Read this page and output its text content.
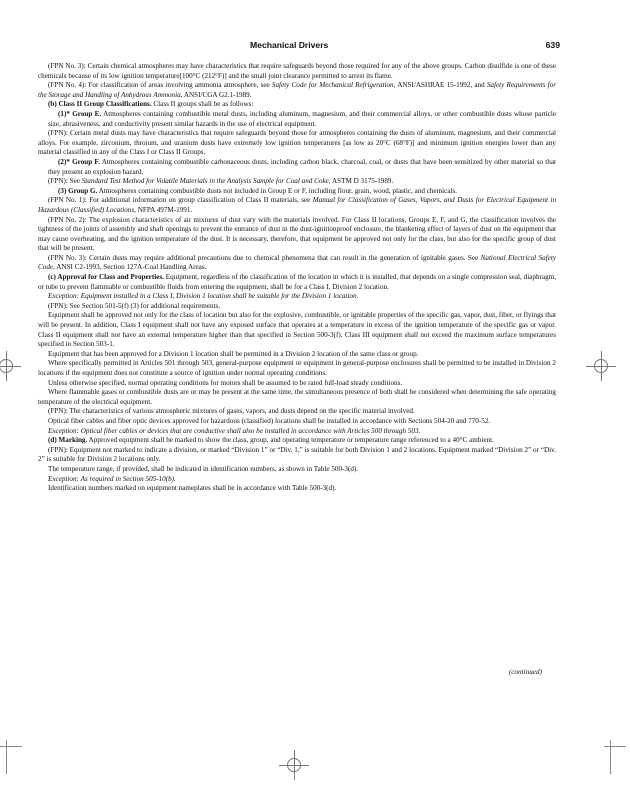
Mechanical Drivers	639

(FPN No. 3): Certain chemical atmospheres may have characteristics that require safeguards beyond those required for any of the above groups. Carbon disulfide is one of these chemicals because of its low ignition temperature[100°C (212°F)] and the small joint clearance permitted to arrest its flame.

(FPN No. 4): For classification of areas involving ammonia atmosphere, see Safety Code for Mechanical Refrigeration, ANSI/ASHRAE 15-1992, and Safety Requirements for the Storage and Handling of Anhydrous Ammonia, ANSI/CGA G2.1-1989.

(b) Class II Group Classifications. Class II groups shall be as follows:

(1)* Group E. Atmospheres containing combustible metal dusts, including aluminum, magnesium, and their commercial alloys, or other combustible dusts whose particle size, abrasiveness, and conductivity present similar hazards in the use of electrical equipment.

(FPN): Certain metal dusts may have characteristics that require safeguards beyond those for atmospheres containing the dusts of aluminum, magnesium, and their commercial alloys. For example, zirconium, throium, and uranium dusts have extremely low ignition temperatures [as low as 20°C (68°F)] and minimum ignition energies lower than any material classified in any of the Class I or Class II Groups.

(2)* Group F. Atmospheres containing combustible carbonaceous dusts, including carbon black, charcoal, coal, or dusts that have been sensitized by other material so that they present an explosion hazard.

(FPN): See Standard Test Method for Volatile Materials in the Analysis Sample for Coal and Coke, ASTM D 3175-1989.

(3) Group G. Atmospheres containing combustible dusts not included in Group E or F, including flour, grain, wood, plastic, and chemicals.

(FPN No. 1): For additional information on group classification of Class II materials, see Manual for Classification of Gases, Vapors, and Dusts for Electrical Equipment in Hazardous (Classified) Locations, NFPA 497M-1991.

(FPN No. 2): The explosion characteristics of air mixtures of dust vary with the materials involved. For Class II locations, Groups E, F, and G, the classification involves the tightness of the joints of assembly and shaft openings to prevent the entrance of dust in the dust-ignitionproof enclosure, the blanketing effect of layers of dust on the equipment that may cause overheating, and the ignition temperature of the dust. It is necessary, therefore, that equipment be approved not only for the class, but also for the specific group of dust that will be present.

(FPN No. 3): Certain dusts may require additional precautions due to chemical phenomena that can result in the generation of ignitable gases. See National Electrical Safety Code, ANSI C2-1993, Section 127A-Coal Handling Areas.

(c) Approval for Class and Properties. Equipment, regardless of the classification of the location in which it is installed, that depends on a single compression seal, diaphragm, or tube to prevent flammable or combustible fluids from entering the equipment, shall be for a Class I, Division 2 location.

Exception: Equipment installed in a Class I, Division 1 location shall be suitable for the Division 1 location.

(FPN): See Section 501-5(f) (3) for additional requirements.

Equipment shall be approved not only for the class of location but also for the explosive, combustible, or ignitable properties of the specific gas, vapor, dust, fiber, or flyings that will be present. In addition, Class I equipment shall not have any exposed surface that operates at a temperature in excess of the ignition temperature of the specific gas or vapor. Class II equipment shall not have an external temperature higher than that specified in Section 500-3(f). Class III equipment shall not exceed the maximum surface temperatures specified in Section 503-1.

Equipment that has been approved for a Division 1 location shall be permitted in a Division 2 location of the same class or group.

Where specifically permitted in Articles 501 through 503, general-purpose equipment or equipment in general-purpose enclosures shall be permitted to be installed in Division 2 locations if the equipment does not constitute a source of ignition under normal operating conditions.

Unless otherwise specified, normal operating conditions for motors shall be assumed to be rated full-load steady conditions.

Where flammable gases or combustible dusts are or may be present at the same time, the simultaneous presence of both shall be considered when determining the safe operating temperature of the electrical equipment.

(FPN): The characteristics of various atmospheric mixtures of gases, vapors, and dusts depend on the specific material involved.

Optical fiber cables and fiber optic devices approved for hazardous (classified) locations shall be installed in accordance with Sections 504-20 and 770-52.

Exception: Optical fiber cables or devices that are conductive shall also be installed in accordance with Articles 500 through 503.

(d) Marking. Approved equipment shall be marked to show the class, group, and operating temperature or temperature range referenced to a 40°C ambient.

(FPN): Equipment not marked to indicate a division, or marked “Division 1” or “Div. 1,” is suitable for both Division 1 and 2 locations. Equipment marked “Division 2” or “Div. 2” is suitable for Division 2 locations only.

The temperature range, if provided, shall be indicated in identification numbers, as shown in Table 500-3(d).

Exception: As required in Section 505-10(b).

Identification numbers marked on equipment nameplates shall be in accordance with Table 500-3(d).

(continued)
